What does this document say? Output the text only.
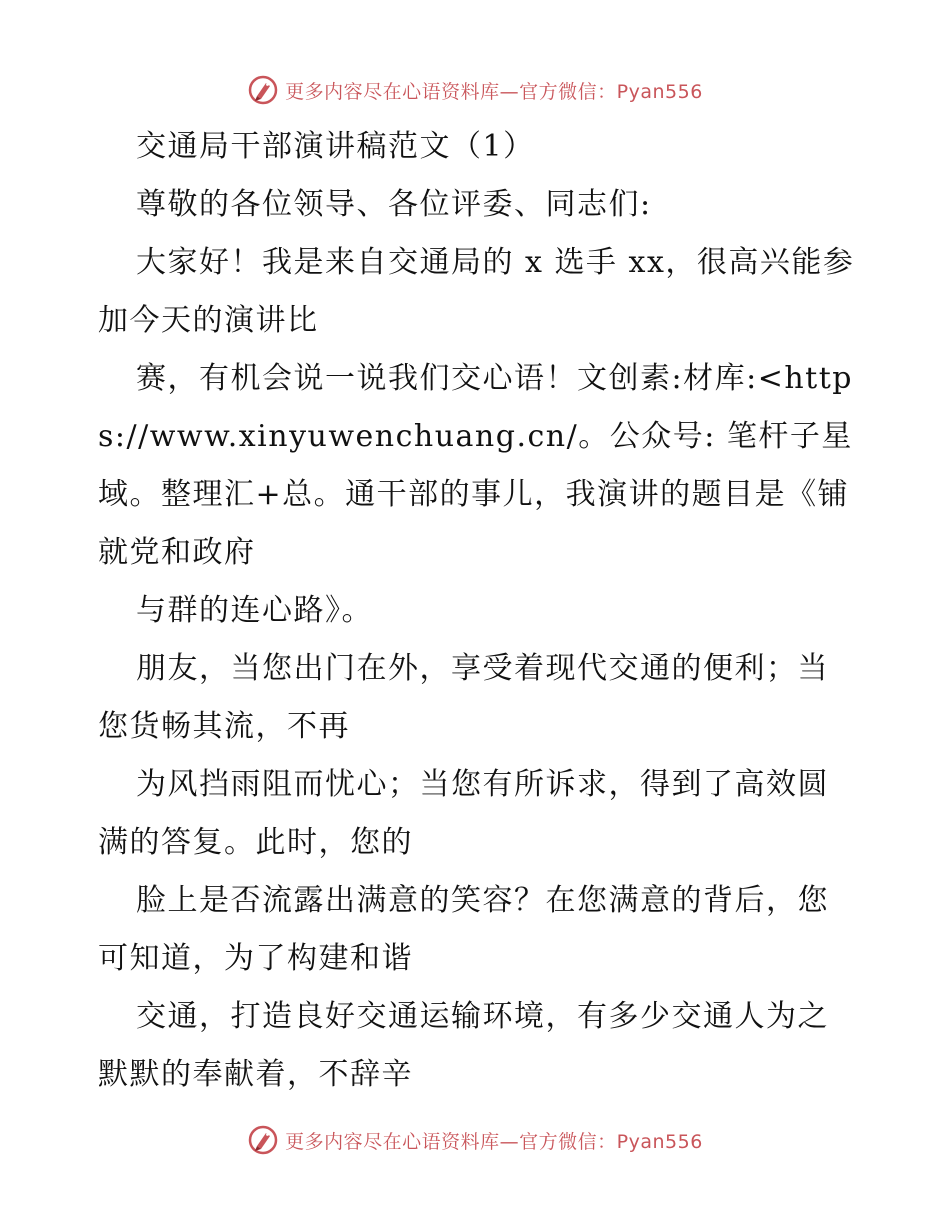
更多内容尽在心语资料库—官方微信：Pyan556

交通局干部演讲稿范文（1）

尊敬的各位领导、各位评委、同志们:

大家好！我是来自交通局的 x 选手 xx，很高兴能参加今天的演讲比

赛，有机会说一说我们交心语！文创素:材库:<https://www.xinyuwenchuang.cn/。公众号: 笔杆子星域。整理汇+总。通干部的事儿，我演讲的题目是《铺就党和政府

与群的连心路》。

朋友，当您出门在外，享受着现代交通的便利；当您货畅其流，不再

为风挡雨阻而忧心；当您有所诉求，得到了高效圆满的答复。此时，您的

脸上是否流露出满意的笑容？在您满意的背后，您可知道，为了构建和谐

交通，打造良好交通运输环境，有多少交通人为之默默的奉献着，不辞辛

更多内容尽在心语资料库—官方微信：Pyan556
